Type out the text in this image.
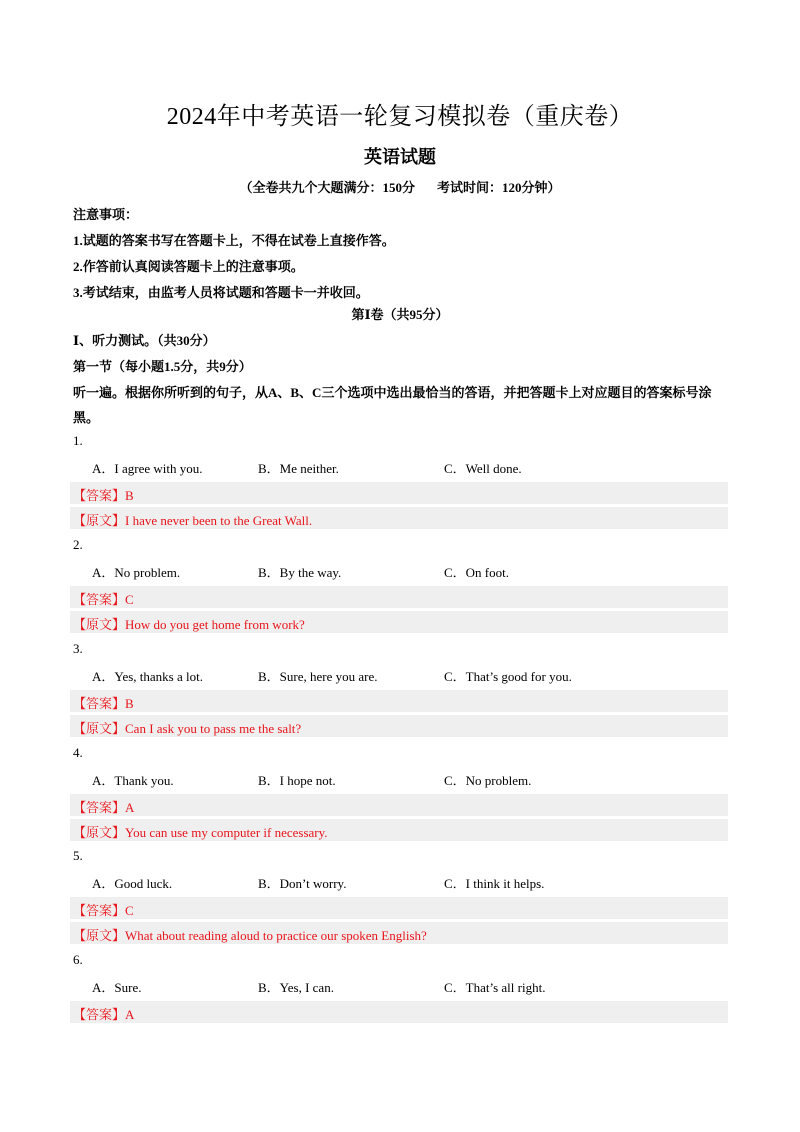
2024年中考英语一轮复习模拟卷（重庆卷）
英语试题
（全卷共九个大题满分：150分 考试时间：120分钟）
注意事项：
1.试题的答案书写在答题卡上，不得在试卷上直接作答。
2.作答前认真阅读答题卡上的注意事项。
3.考试结束，由监考人员将试题和答题卡一并收回。
第Ⅰ卷（共95分）
Ⅰ、听力测试。（共30分）
第一节（每小题1.5分，共9分）
听一遍。根据你所听到的句子，从A、B、C三个选项中选出最恰当的答语，并把答题卡上对应题目的答案标号涂黑。
1.
A．I agree with you.	B．Me neither.	C．Well done.
【答案】B
【原文】I have never been to the Great Wall.
2.
A．No problem.	B．By the way.	C．On foot.
【答案】C
【原文】How do you get home from work?
3.
A．Yes, thanks a lot.	B．Sure, here you are.	C．That’s good for you.
【答案】B
【原文】Can I ask you to pass me the salt?
4.
A．Thank you.	B．I hope not.	C．No problem.
【答案】A
【原文】You can use my computer if necessary.
5.
A．Good luck.	B．Don’t worry.	C．I think it helps.
【答案】C
【原文】What about reading aloud to practice our spoken English?
6.
A．Sure.	B．Yes, I can.	C．That’s all right.
【答案】A
